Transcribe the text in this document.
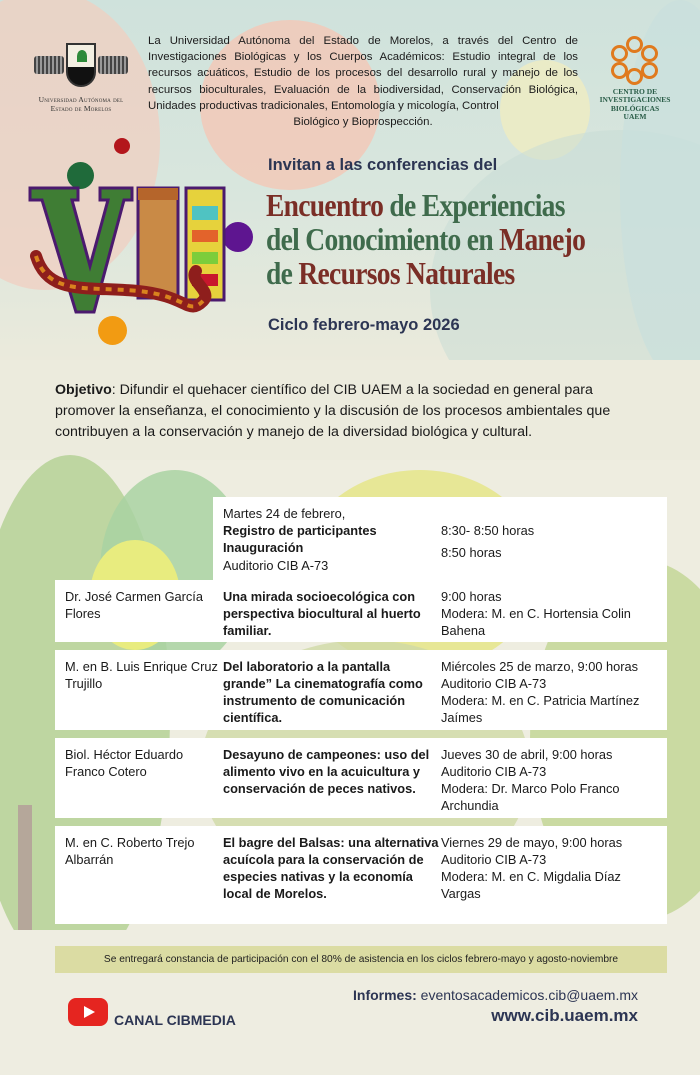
Universidad Autónoma del
Estado de Morelos

La Universidad Autónoma del Estado de Morelos, a través del Centro de Investigaciones Biológicas y los Cuerpos Académicos: Estudio integral de los recursos acuáticos, Estudio de los procesos del desarrollo rural y manejo de los recursos bioculturales, Evaluación de la biodiversidad, Conservación Biológica, Unidades productivas tradicionales, Entomología y micología, Control
Biológico y Bioprospección.

CENTRO DE
INVESTIGACIONES
BIOLÓGICAS
UAEM
Invitan a las conferencias del
Encuentro de Experiencias
del Conocimiento en Manejo
de Recursos Naturales
Ciclo febrero-mayo 2026

Objetivo: Difundir el quehacer científico del CIB UAEM a la sociedad en general para promover la enseñanza, el conocimiento y la discusión de los procesos ambientales que contribuyen a la conservación y manejo de la diversidad biológica y cultural.

Martes 24 de febrero,
Registro de participantes	8:30- 8:50 horas
Inauguración	8:50 horas
Auditorio CIB A-73
Dr. José Carmen García Flores
Una mirada socioecológica con perspectiva biocultural al huerto familiar.
9:00 horas
Modera: M. en C. Hortensia Colin Bahena
M. en B. Luis Enrique Cruz Trujillo
Del laboratorio a la pantalla grande” La cinematografía como instrumento de comunicación científica.
Miércoles 25 de marzo, 9:00 horas
Auditorio CIB A-73
Modera: M. en C. Patricia Martínez Jaímes
Biol. Héctor Eduardo Franco Cotero
Desayuno de campeones: uso del alimento vivo en la acuicultura y conservación de peces nativos.
Jueves 30 de abril, 9:00 horas
Auditorio CIB A-73
Modera: Dr. Marco Polo Franco Archundia
M. en C. Roberto Trejo Albarrán
El bagre del Balsas: una alternativa acuícola para la conservación de especies nativas y la economía local de Morelos.
Viernes 29 de mayo, 9:00 horas
Auditorio CIB A-73
Modera: M. en C. Migdalia Díaz Vargas
Se entregará constancia de participación con el 80% de asistencia en los ciclos febrero-mayo y agosto-noviembre
CANAL CIBMEDIA
Informes: eventosacademicos.cib@uaem.mx
www.cib.uaem.mx
